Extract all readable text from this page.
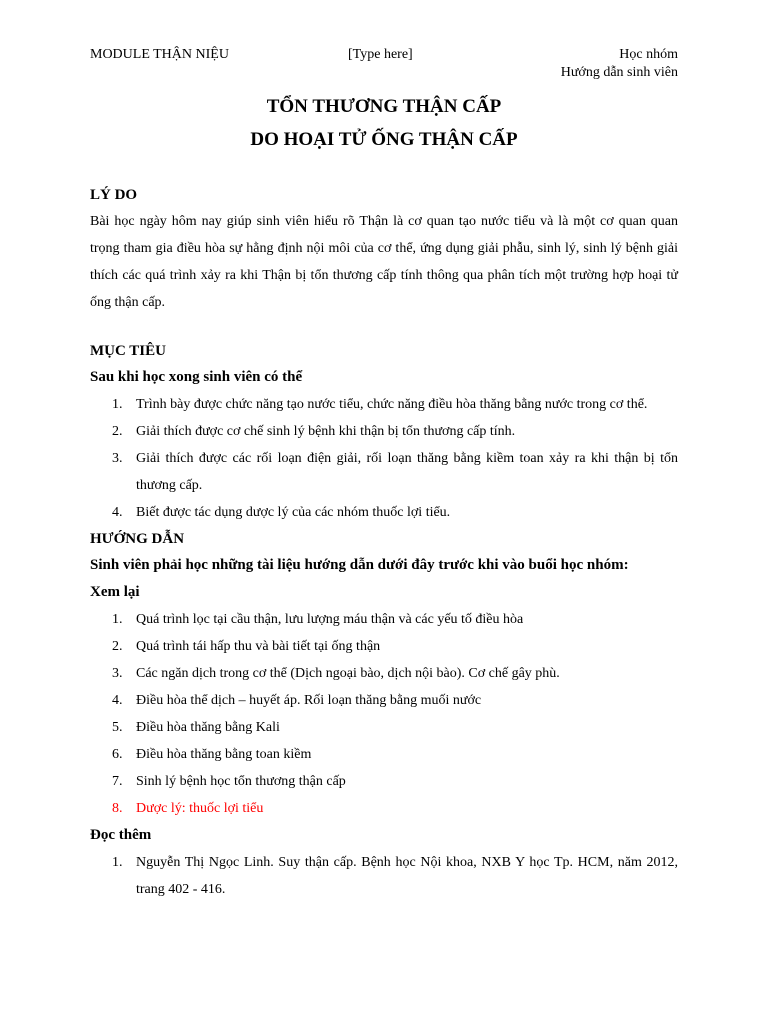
MODULE THẬN NIỆU	[Type here]	Học nhóm
Hướng dẫn sinh viên
TỔN THƯƠNG THẬN CẤP
DO HOẠI TỬ ỐNG THẬN CẤP
LÝ DO
Bài học ngày hôm nay giúp sinh viên hiểu rõ Thận là cơ quan tạo nước tiểu và là một cơ quan quan trọng tham gia điều hòa sự hằng định nội môi của cơ thể, ứng dụng giải phẫu, sinh lý, sinh lý bệnh giải thích các quá trình xảy ra khi Thận bị tổn thương cấp tính thông qua phân tích một trường hợp hoại tử ống thận cấp.
MỤC TIÊU
Sau khi học xong sinh viên có thể
1. Trình bày được chức năng tạo nước tiểu, chức năng điều hòa thăng bằng nước trong cơ thể.
2. Giải thích được cơ chế sinh lý bệnh khi thận bị tổn thương cấp tính.
3. Giải thích được các rối loạn điện giải, rối loạn thăng bằng kiềm toan xảy ra khi thận bị tổn thương cấp.
4. Biết được tác dụng dược lý của các nhóm thuốc lợi tiểu.
HƯỚNG DẪN
Sinh viên phải học những tài liệu hướng dẫn dưới đây trước khi vào buổi học nhóm:
Xem lại
1. Quá trình lọc tại cầu thận, lưu lượng máu thận và các yếu tố điều hòa
2. Quá trình tái hấp thu và bài tiết tại ống thận
3. Các ngăn dịch trong cơ thể (Dịch ngoại bào, dịch nội bào). Cơ chế gây phù.
4. Điều hòa thể dịch – huyết áp. Rối loạn thăng bằng muối nước
5. Điều hòa thăng bằng Kali
6. Điều hòa thăng bằng toan kiềm
7. Sinh lý bệnh học tổn thương thận cấp
8. Dược lý: thuốc lợi tiểu
Đọc thêm
1. Nguyễn Thị Ngọc Linh. Suy thận cấp. Bệnh học Nội khoa, NXB Y học Tp. HCM, năm 2012, trang 402 - 416.
